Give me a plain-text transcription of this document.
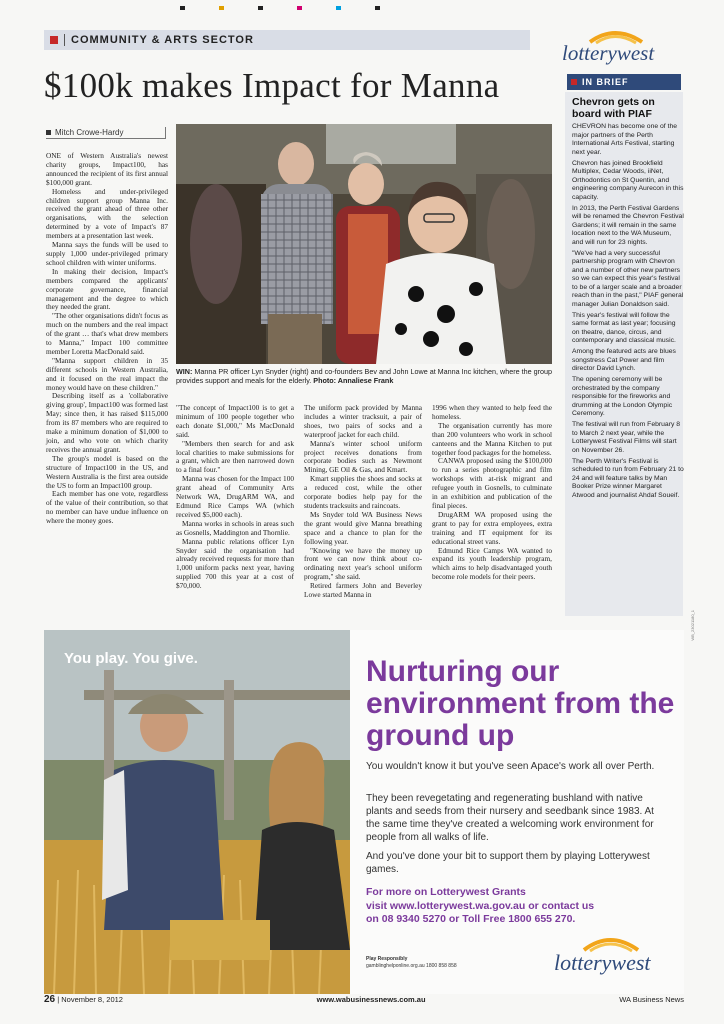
COMMUNITY & ARTS SECTOR
lotterywest
$100k makes Impact for Manna
Mitch Crowe-Hardy
WIN: Manna PR officer Lyn Snyder (right) and co-founders Bev and John Lowe at Manna Inc kitchen, where the group provides support and meals for the elderly. Photo: Annaliese Frank

ONE of Western Australia's newest charity groups, Impact100, has announced the recipient of its first annual $100,000 grant.

Homeless and under-privileged children support group Manna Inc. received the grant ahead of three other organisations, with the selection determined by a vote of Impact's 87 members at a presentation last week.

Manna says the funds will be used to supply 1,000 under-privileged primary school children with winter uniforms.

In making their decision, Impact's members compared the applicants' corporate governance, financial management and the degree to which they needed the grant.

"The other organisations didn't focus as much on the numbers and the real impact of the grant … that's what drew members to Manna," Impact 100 committee member Loretta MacDonald said.

"Manna support children in 35 different schools in Western Australia, and it focused on the real impact the money would have on these children."

Describing itself as a 'collaborative giving group', Impact100 was formed last May; since then, it has raised $115,000 from its 87 members who are required to make a minimum donation of $1,000 to join, and who vote on which charity receives the annual grant.

The group's model is based on the structure of Impact100 in the US, and Western Australia is the first area outside the US to form an Impact100 group.

Each member has one vote, regardless of the value of their contribution, so that no member can have undue influence on where the money goes.

"The concept of Impact100 is to get a minimum of 100 people together who each donate $1,000," Ms MacDonald said.

"Members then search for and ask local charities to make submissions for a grant, which are then narrowed down to a final four."

Manna was chosen for the Impact 100 grant ahead of Community Arts Network WA, DrugARM WA, and Edmund Rice Camps WA (which received $5,000 each).

Manna works in schools in areas such as Gosnells, Maddington and Thornlie.

Manna public relations officer Lyn Snyder said the organisation had already received requests for more than 1,000 uniform packs next year, having supplied 700 this year at a cost of $70,000.

The uniform pack provided by Manna includes a winter tracksuit, a pair of shoes, two pairs of socks and a waterproof jacket for each child.

Manna's winter school uniform project receives donations from corporate bodies such as Newmont Mining, GE Oil & Gas, and Kmart.

Kmart supplies the shoes and socks at a reduced cost, while the other corporate bodies help pay for the students tracksuits and raincoats.

Ms Snyder told WA Business News the grant would give Manna breathing space and a chance to plan for the following year.

"Knowing we have the money up front we can now think about co-ordinating next year's school uniform program," she said.

Retired farmers John and Beverley Lowe started Manna in

1996 when they wanted to help feed the homeless.

The organisation currently has more than 200 volunteers who work in school canteens and the Manna Kitchen to put together food packages for the homeless.

CANWA proposed using the $100,000 to run a series photographic and film workshops with at-risk migrant and refugee youth in Gosnells, to culminate in an exhibition and publication of the final pieces.

DrugARM WA proposed using the grant to pay for extra employees, extra training and IT equipment for its educational street vans.

Edmund Rice Camps WA wanted to expand its youth leadership program, which aims to help disadvantaged youth become role models for their peers.

IN BRIEF
Chevron gets on board with PIAF

CHEVRON has become one of the major partners of the Perth International Arts Festival, starting next year.

Chevron has joined Brookfield Multiplex, Cedar Woods, iiNet, Orthodontics on St Quentin, and engineering company Aurecon in this capacity.

In 2013, the Perth Festival Gardens will be renamed the Chevron Festival Gardens; it will remain in the same location next to the WA Museum, and will run for 23 nights.

"We've had a very successful partnership program with Chevron and a number of other new partners so we can expect this year's festival to be of a larger scale and a broader reach than in the past," PIAF general manager Julian Donaldson said.

This year's festival will follow the same format as last year; focusing on theatre, dance, circus, and contemporary and classical music.

Among the featured acts are blues songstress Cat Power and film director David Lynch.

The opening ceremony will be orchestrated by the company responsible for the fireworks and drumming at the London Olympic Ceremony.

The festival will run from February 8 to March 2 next year, while the Lotterywest Festival Films will start on November 26.

The Perth Writer's Festival is scheduled to run from February 21 to 24 and will feature talks by Man Booker Prize winner Margaret Atwood and journalist Ahdaf Soueif.

WB_23021180_1
You play. You give.	Nurturing our environment from the ground up
You wouldn't know it but you've seen Apace's work all over Perth.
They been revegetating and regenerating bushland with native plants and seeds from their nursery and seedbank since 1983. At the same time they've created a welcoming work environment for people from all walks of life.
And you've done your bit to support them by playing Lotterywest games.
For more on Lotterywest Grants
visit www.lotterywest.wa.gov.au or contact us
on 08 9340 5270 or Toll Free 1800 655 270.
Play Responsibly
gamblinghelponline.org.au 1800 858 858	lotterywest
26 | November 8, 2012	www.wabusinessnews.com.au	WA Business News
